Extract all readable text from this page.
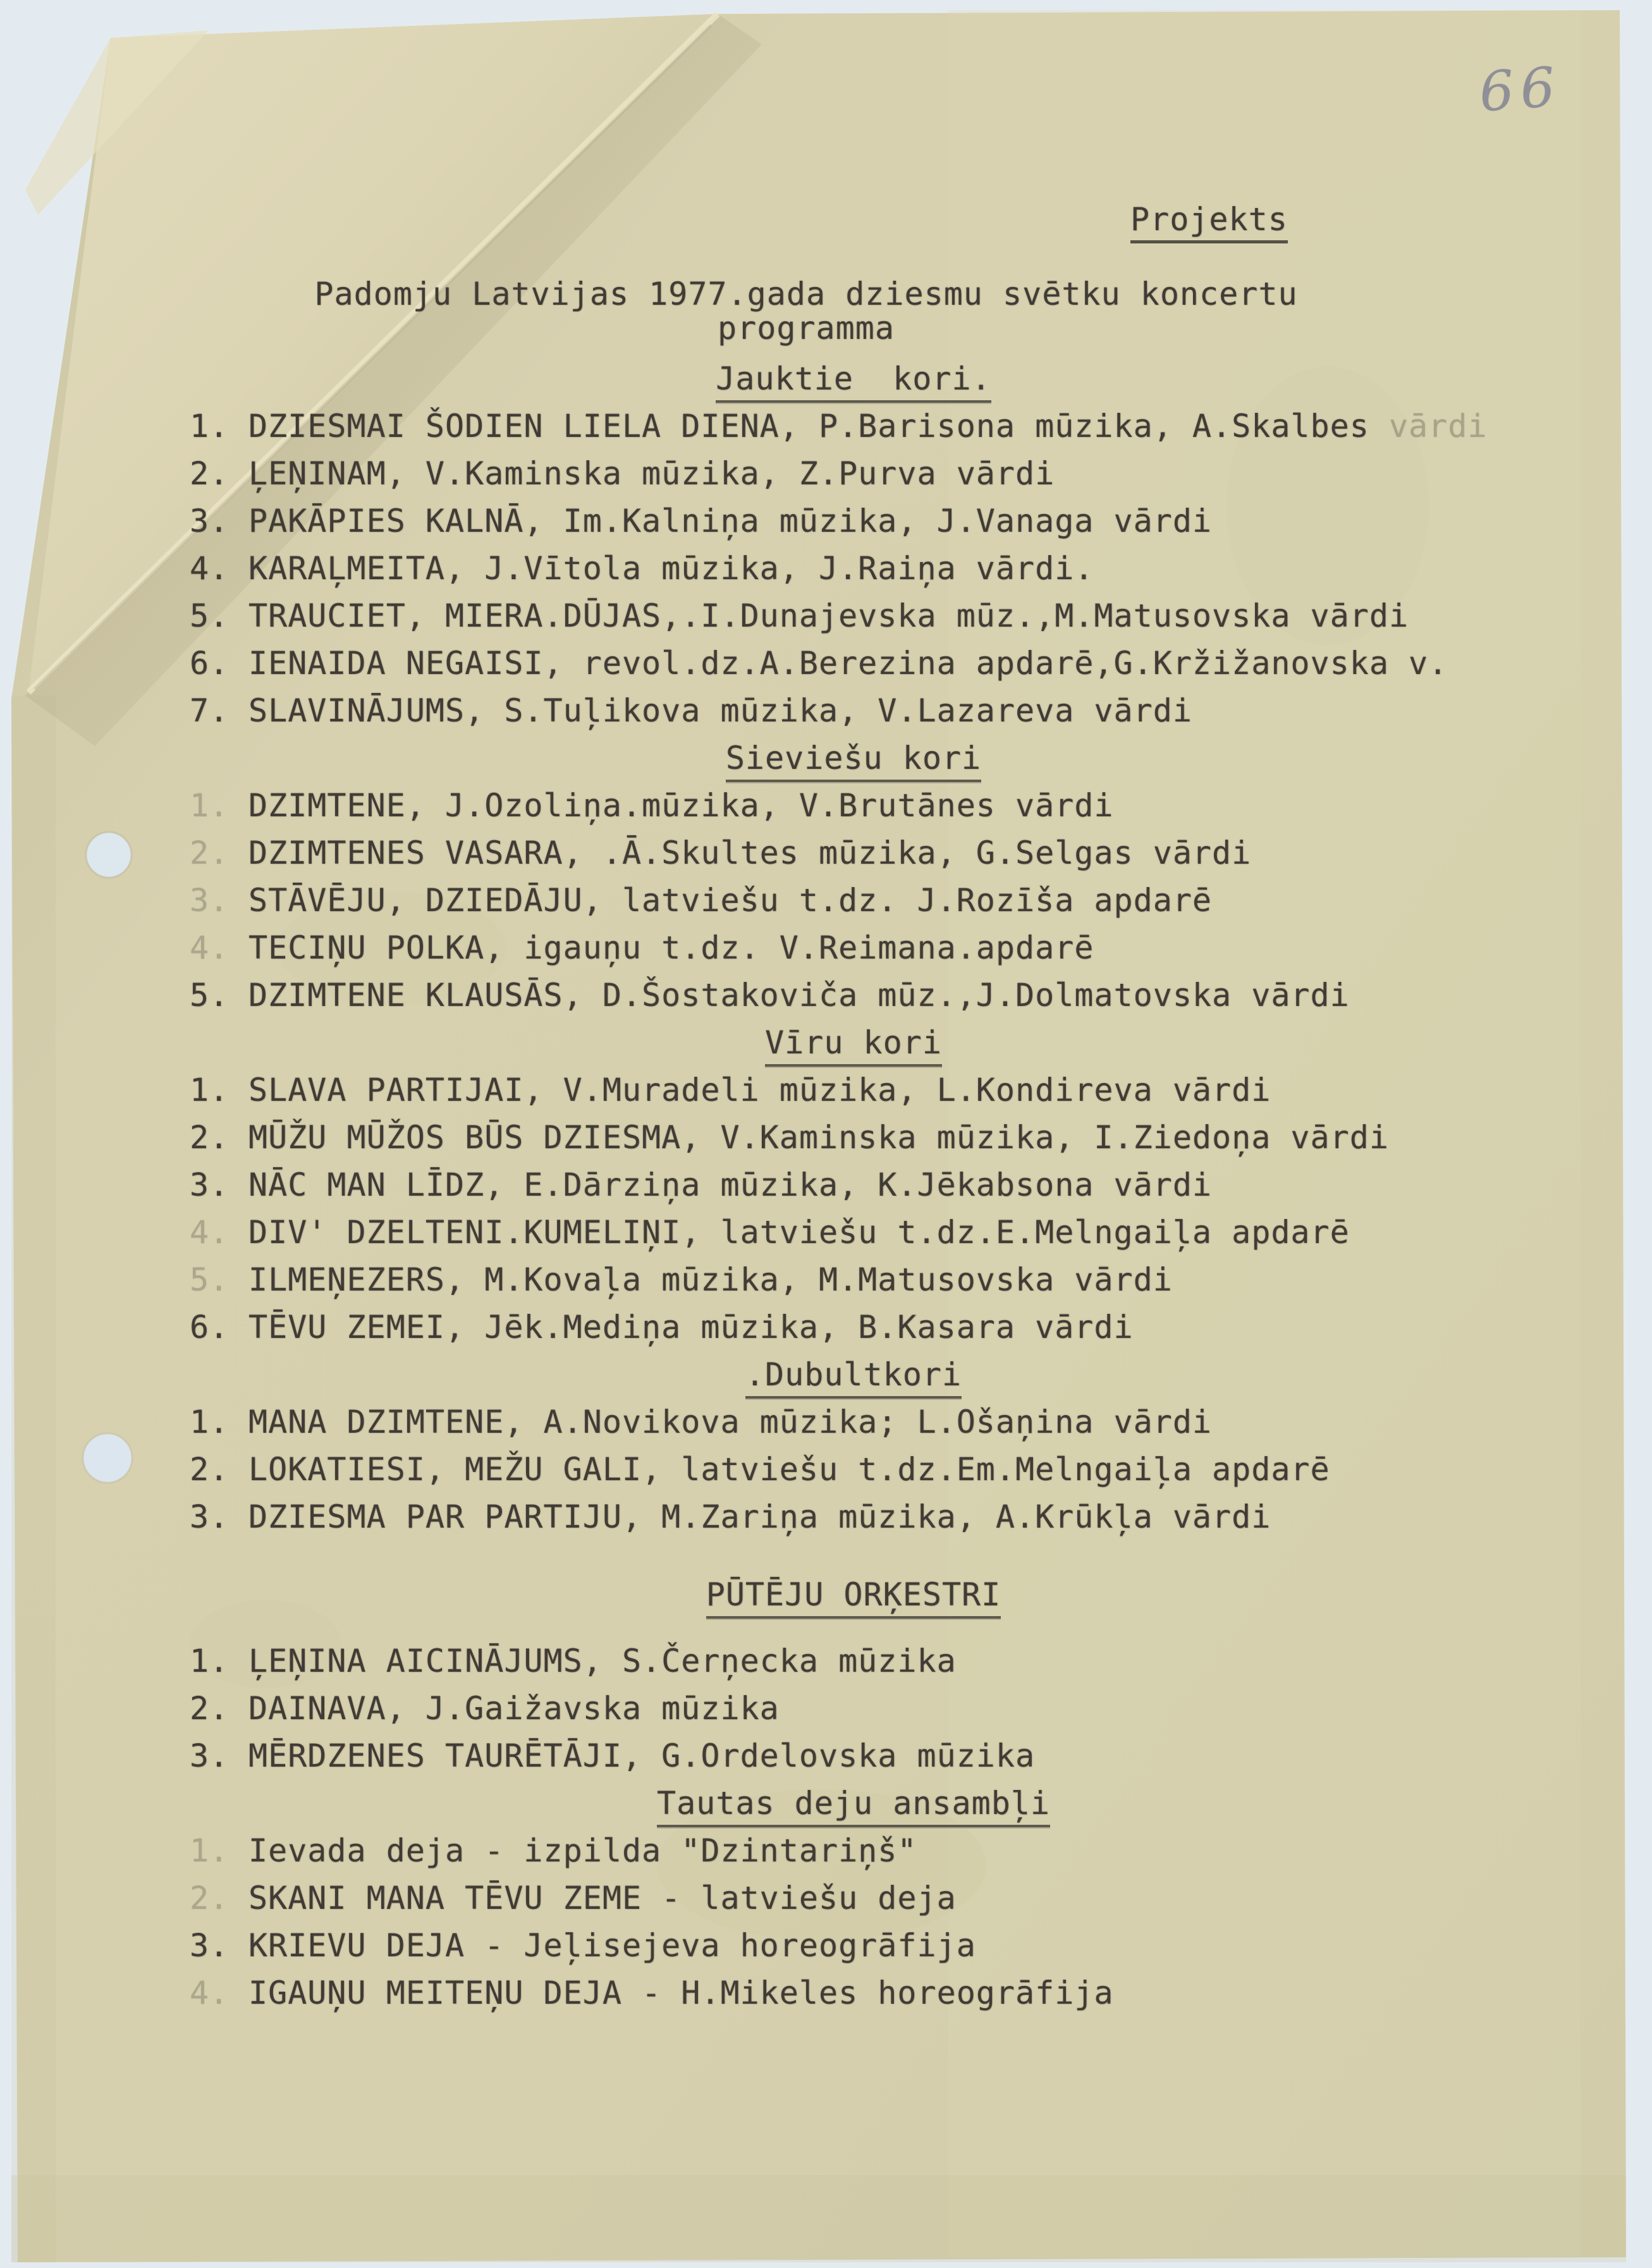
66
Projekts
Padomju Latvijas 1977.gada dziesmu svētku koncertu
programma
Jauktie  kori.
1. DZIESMAI ŠODIEN LIELA DIENA, P.Barisona mūzika, A.Skalbes vārdi
2. ĻEŅINAM, V.Kaminska mūzika, Z.Purva vārdi
3. PAKĀPIES KALNĀ, Im.Kalniņa mūzika, J.Vanaga vārdi
4. KARAĻMEITA, J.Vītola mūzika, J.Raiņa vārdi.
5. TRAUCIET, MIERA.DŪJAS,.I.Dunajevska mūz.,M.Matusovska vārdi
6. IENAIDA NEGAISI, revol.dz.A.Berezina apdarē,G.Kržižanovska v.
7. SLAVINĀJUMS, S.Tuļikova mūzika, V.Lazareva vārdi
Sieviešu kori
1. DZIMTENE, J.Ozoliņa.mūzika, V.Brutānes vārdi
2. DZIMTENES VASARA, .Ā.Skultes mūzika, G.Selgas vārdi
3. STĀVĒJU, DZIEDĀJU, latviešu t.dz. J.Rozīša apdarē
4. TECIŅU POLKA, igauņu t.dz. V.Reimana.apdarē
5. DZIMTENE KLAUSĀS, D.Šostakoviča mūz.,J.Dolmatovska vārdi
Vīru kori
1. SLAVA PARTIJAI, V.Muradeli mūzika, L.Kondireva vārdi
2. MŪŽU MŪŽOS BŪS DZIESMA, V.Kaminska mūzika, I.Ziedoņa vārdi
3. NĀC MAN LĪDZ, E.Dārziņa mūzika, K.Jēkabsona vārdi
4. DIV' DZELTENI.KUMELIŅI, latviešu t.dz.E.Melngaiļa apdarē
5. ILMEŅEZERS, M.Kovaļa mūzika, M.Matusovska vārdi
6. TĒVU ZEMEI, Jēk.Mediņa mūzika, B.Kasara vārdi
.Dubultkori
1. MANA DZIMTENE, A.Novikova mūzika; L.Ošaņina vārdi
2. LOKATIESI, MEŽU GALI, latviešu t.dz.Em.Melngaiļa apdarē
3. DZIESMA PAR PARTIJU, M.Zariņa mūzika, A.Krūkļa vārdi
PŪTĒJU ORĶESTRI
1. ĻEŅINA AICINĀJUMS, S.Čerņecka mūzika
2. DAINAVA, J.Gaižavska mūzika
3. MĒRDZENES TAURĒTĀJI, G.Ordelovska mūzika
Tautas deju ansambļi
1. Ievada deja - izpilda "Dzintariņš"
2. SKANI MANA TĒVU ZEME - latviešu deja
3. KRIEVU DEJA - Jeļisejeva horeogrāfija
4. IGAUŅU MEITEŅU DEJA - H.Mikeles horeogrāfija
